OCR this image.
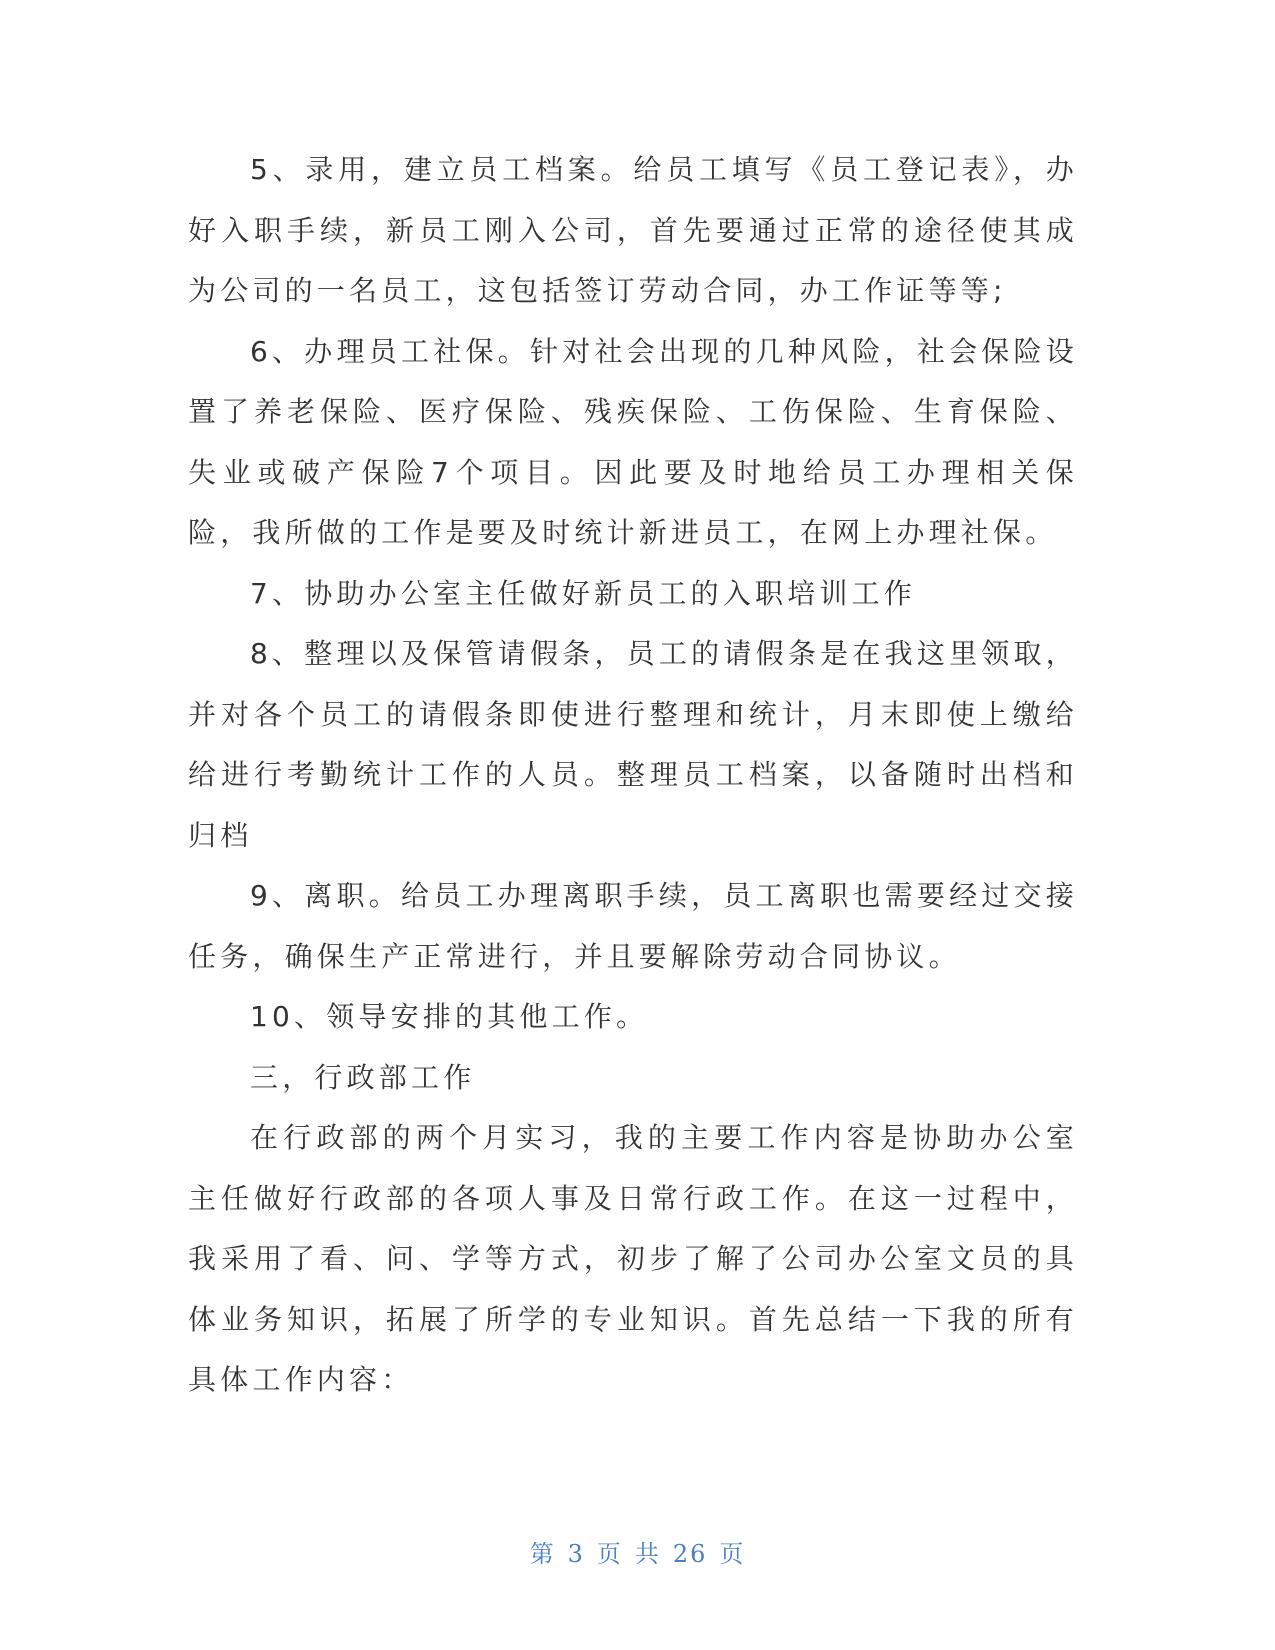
5、录用，建立员工档案。给员工填写《员工登记表》，办好入职手续，新员工刚入公司，首先要通过正常的途径使其成为公司的一名员工，这包括签订劳动合同，办工作证等等;

6、办理员工社保。针对社会出现的几种风险，社会保险设置了养老保险、医疗保险、残疾保险、工伤保险、生育保险、失业或破产保险7个项目。因此要及时地给员工办理相关保险，我所做的工作是要及时统计新进员工，在网上办理社保。

7、协助办公室主任做好新员工的入职培训工作

8、整理以及保管请假条，员工的请假条是在我这里领取，并对各个员工的请假条即使进行整理和统计，月末即使上缴给给进行考勤统计工作的人员。整理员工档案，以备随时出档和归档

9、离职。给员工办理离职手续，员工离职也需要经过交接任务，确保生产正常进行，并且要解除劳动合同协议。

10、领导安排的其他工作。

三，行政部工作

在行政部的两个月实习，我的主要工作内容是协助办公室主任做好行政部的各项人事及日常行政工作。在这一过程中，我采用了看、问、学等方式，初步了解了公司办公室文员的具体业务知识，拓展了所学的专业知识。首先总结一下我的所有具体工作内容：

第 3 页 共 26 页
